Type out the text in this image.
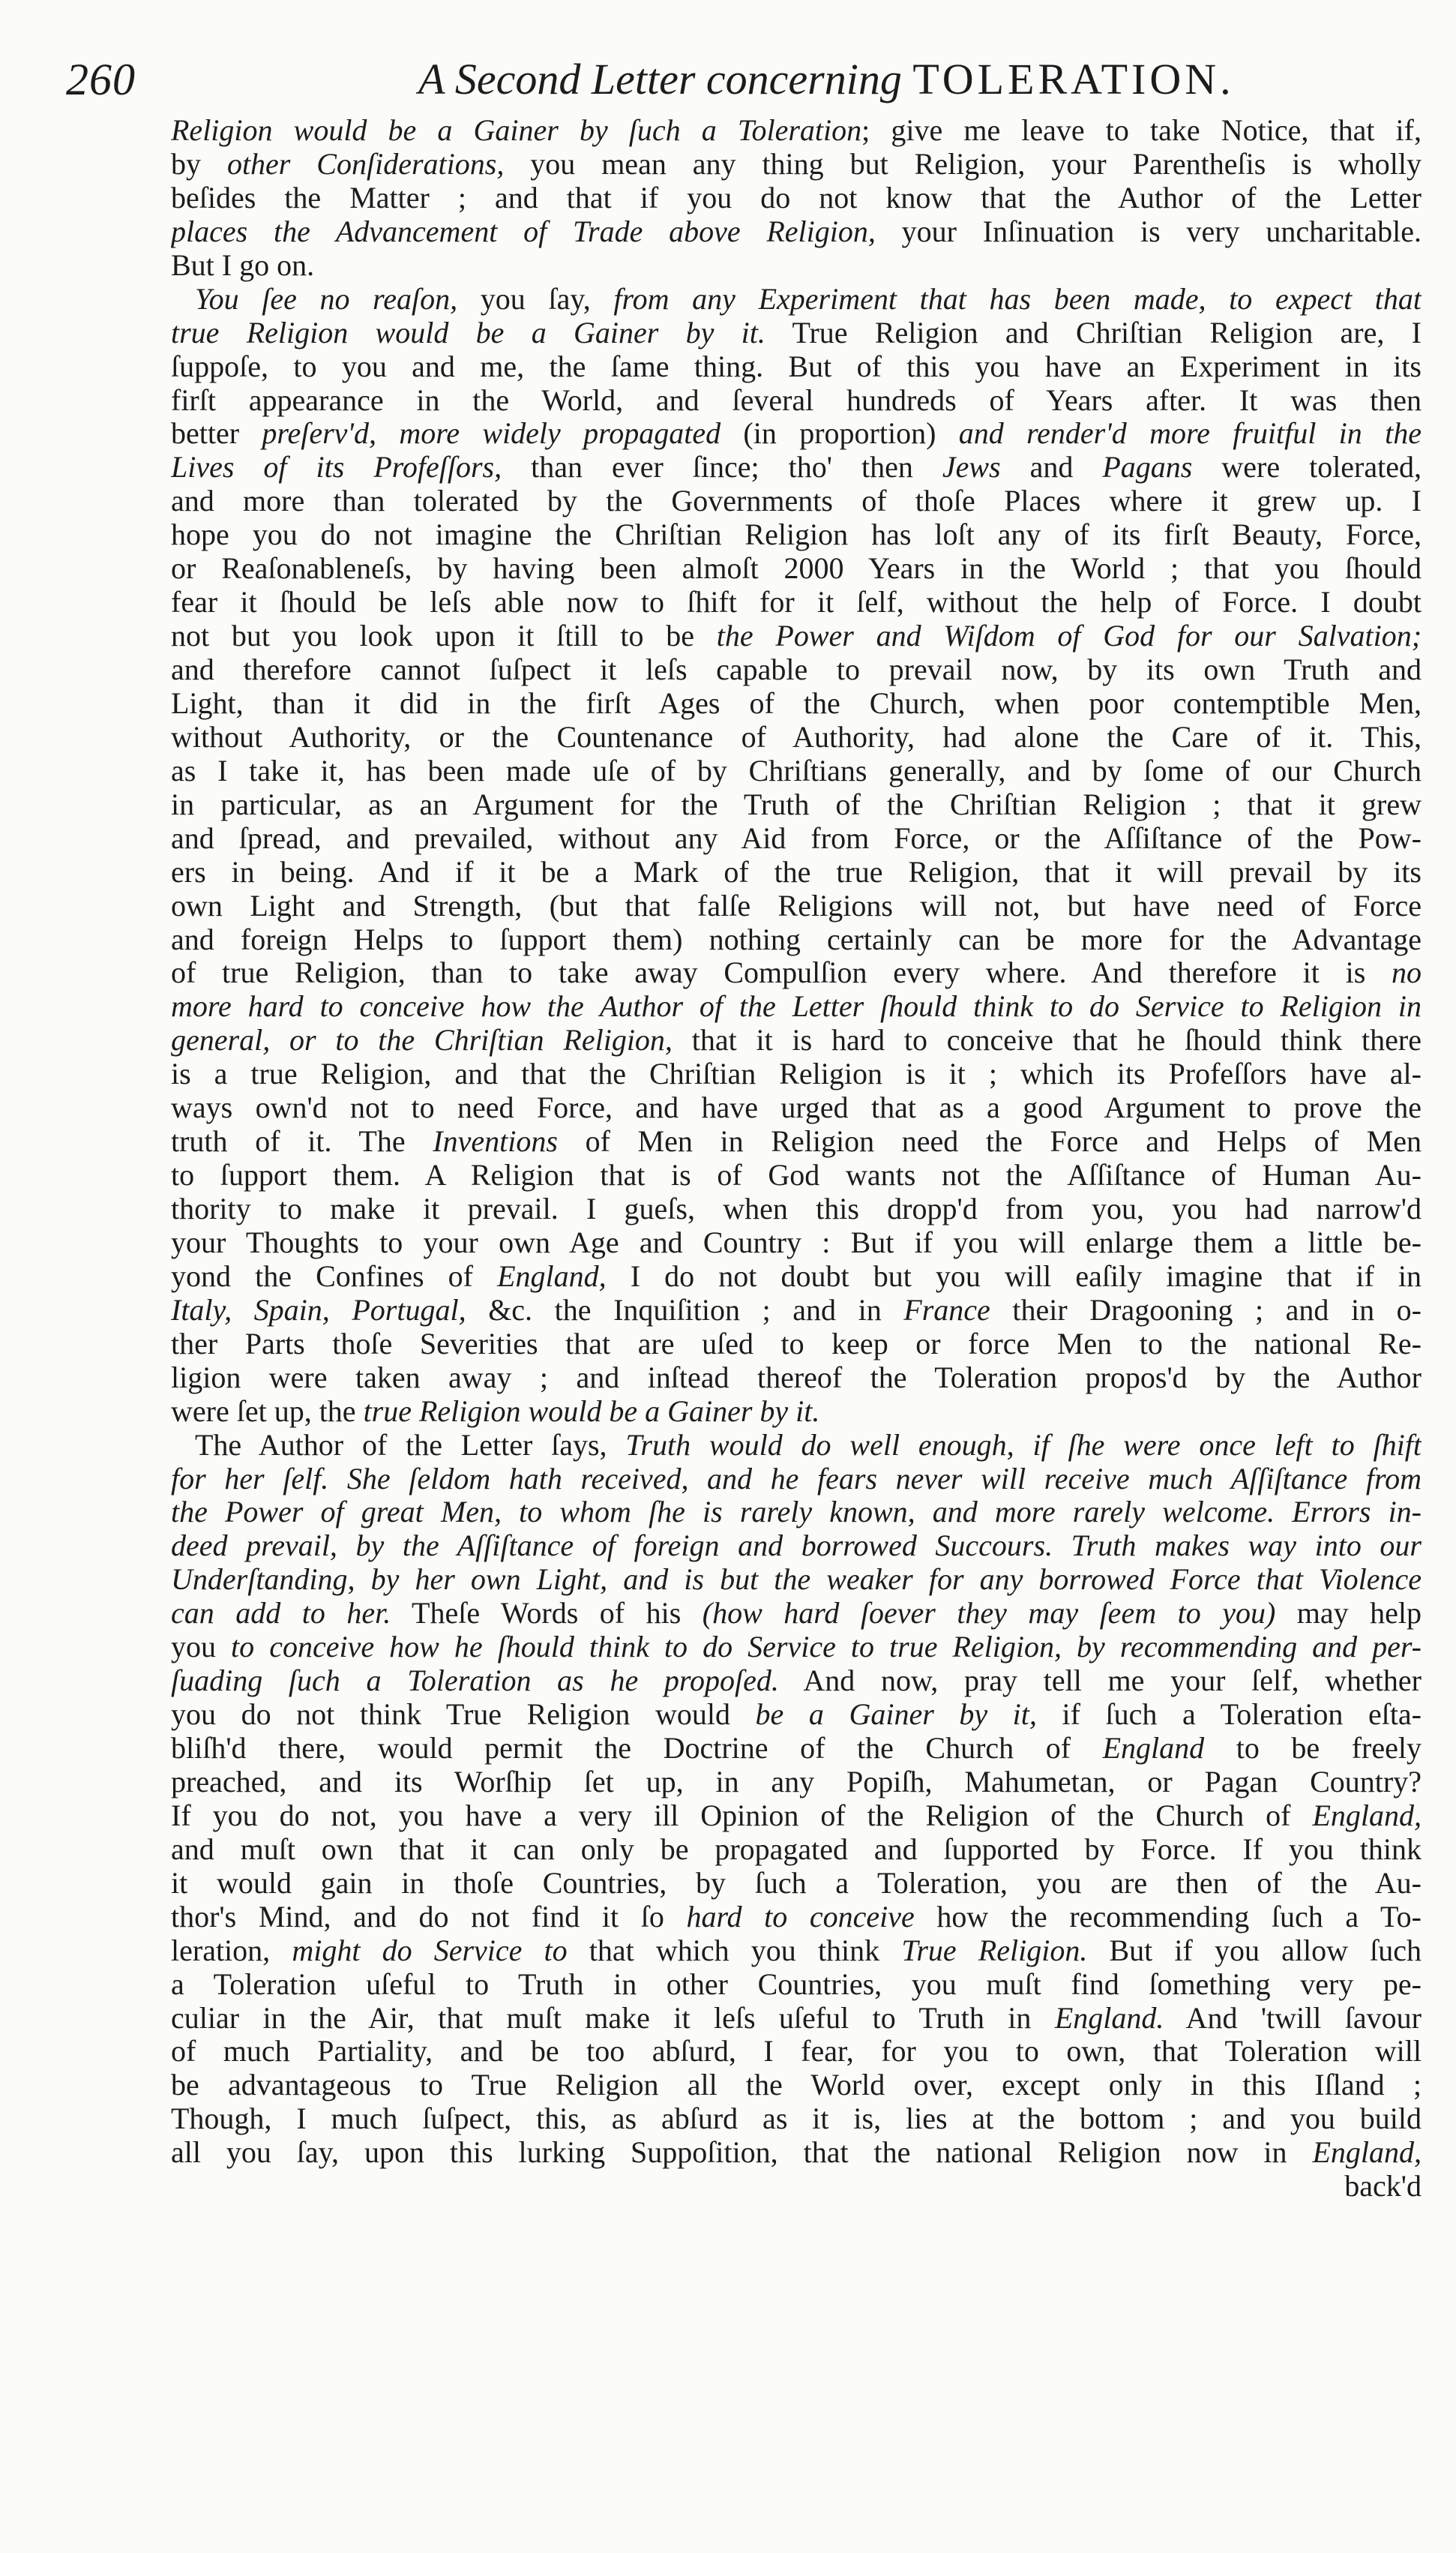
260	A Second Letter concerning TOLERATION.
Religion would be a Gainer by ſuch a Toleration; give me leave to take Notice, that if,
by other Conſiderations, you mean any thing but Religion, your Parentheſis is wholly
beſides the Matter ; and that if you do not know that the Author of the Letter
places the Advancement of Trade above Religion, your Inſinuation is very uncharitable.
But I go on.
You ſee no reaſon, you ſay, from any Experiment that has been made, to expect that
true Religion would be a Gainer by it. True Religion and Chriſtian Religion are, I
ſuppoſe, to you and me, the ſame thing. But of this you have an Experiment in its
firſt appearance in the World, and ſeveral hundreds of Years after. It was then
better preſerv'd, more widely propagated (in proportion) and render'd more fruitful in the
Lives of its Profeſſors, than ever ſince; tho' then Jews and Pagans were tolerated,
and more than tolerated by the Governments of thoſe Places where it grew up. I
hope you do not imagine the Chriſtian Religion has loſt any of its firſt Beauty, Force,
or Reaſonableneſs, by having been almoſt 2000 Years in the World ; that you ſhould
fear it ſhould be leſs able now to ſhift for it ſelf, without the help of Force. I doubt
not but you look upon it ſtill to be the Power and Wiſdom of God for our Salvation;
and therefore cannot ſuſpect it leſs capable to prevail now, by its own Truth and
Light, than it did in the firſt Ages of the Church, when poor contemptible Men,
without Authority, or the Countenance of Authority, had alone the Care of it. This,
as I take it, has been made uſe of by Chriſtians generally, and by ſome of our Church
in particular, as an Argument for the Truth of the Chriſtian Religion ; that it grew
and ſpread, and prevailed, without any Aid from Force, or the Aſſiſtance of the Pow-
ers in being. And if it be a Mark of the true Religion, that it will prevail by its
own Light and Strength, (but that falſe Religions will not, but have need of Force
and foreign Helps to ſupport them) nothing certainly can be more for the Advantage
of true Religion, than to take away Compulſion every where. And therefore it is no
more hard to conceive how the Author of the Letter ſhould think to do Service to Religion in
general, or to the Chriſtian Religion, that it is hard to conceive that he ſhould think there
is a true Religion, and that the Chriſtian Religion is it ; which its Profeſſors have al-
ways own'd not to need Force, and have urged that as a good Argument to prove the
truth of it. The Inventions of Men in Religion need the Force and Helps of Men
to ſupport them. A Religion that is of God wants not the Aſſiſtance of Human Au-
thority to make it prevail. I gueſs, when this dropp'd from you, you had narrow'd
your Thoughts to your own Age and Country : But if you will enlarge them a little be-
yond the Confines of England, I do not doubt but you will eaſily imagine that if in
Italy, Spain, Portugal, &c. the Inquiſition ; and in France their Dragooning ; and in o-
ther Parts thoſe Severities that are uſed to keep or force Men to the national Re-
ligion were taken away ; and inſtead thereof the Toleration propos'd by the Author
were ſet up, the true Religion would be a Gainer by it.
The Author of the Letter ſays, Truth would do well enough, if ſhe were once left to ſhift
for her ſelf. She ſeldom hath received, and he fears never will receive much Aſſiſtance from
the Power of great Men, to whom ſhe is rarely known, and more rarely welcome. Errors in-
deed prevail, by the Aſſiſtance of foreign and borrowed Succours. Truth makes way into our
Underſtanding, by her own Light, and is but the weaker for any borrowed Force that Violence
can add to her. Theſe Words of his (how hard ſoever they may ſeem to you) may help
you to conceive how he ſhould think to do Service to true Religion, by recommending and per-
ſuading ſuch a Toleration as he propoſed. And now, pray tell me your ſelf, whether
you do not think True Religion would be a Gainer by it, if ſuch a Toleration eſta-
bliſh'd there, would permit the Doctrine of the Church of England to be freely
preached, and its Worſhip ſet up, in any Popiſh, Mahumetan, or Pagan Country?
If you do not, you have a very ill Opinion of the Religion of the Church of England,
and muſt own that it can only be propagated and ſupported by Force. If you think
it would gain in thoſe Countries, by ſuch a Toleration, you are then of the Au-
thor's Mind, and do not find it ſo hard to conceive how the recommending ſuch a To-
leration, might do Service to that which you think True Religion. But if you allow ſuch
a Toleration uſeful to Truth in other Countries, you muſt find ſomething very pe-
culiar in the Air, that muſt make it leſs uſeful to Truth in England. And 'twill ſavour
of much Partiality, and be too abſurd, I fear, for you to own, that Toleration will
be advantageous to True Religion all the World over, except only in this Iſland ;
Though, I much ſuſpect, this, as abſurd as it is, lies at the bottom ; and you build
all you ſay, upon this lurking Suppoſition, that the national Religion now in England,
back'd
